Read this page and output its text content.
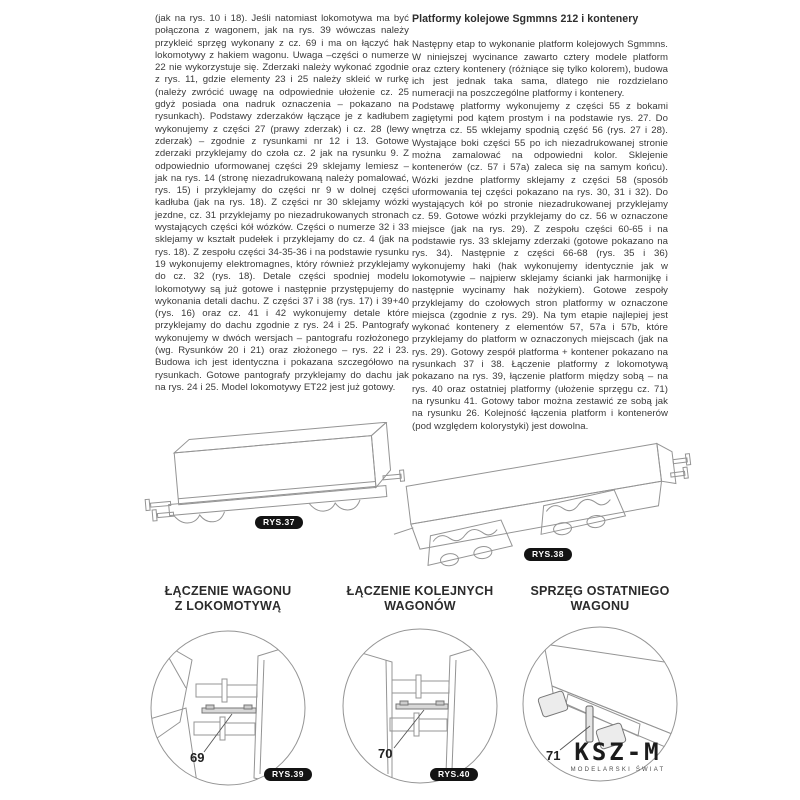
(jak na rys. 10 i 18). Jeśli natomiast lokomotywa ma być połączona z wagonem, jak na rys. 39 wówczas należy przykleić sprzęg wykonany z cz. 69 i ma on łączyć hak lokomotywy z hakiem wagonu. Uwaga –części o numerze 22 nie wykorzystuje się. Zderzaki należy wykonać zgodnie z rys. 11, gdzie elementy 23 i 25 należy skleić w rurkę (należy zwrócić uwagę na odpowiednie ułożenie cz. 25 gdyż posiada ona nadruk oznaczenia – pokazano na rysunkach). Podstawy zderzaków łączące je z kadłubem wykonujemy z części 27 (prawy zderzak) i cz. 28 (lewy zderzak) – zgodnie z rysunkami nr 12 i 13. Gotowe zderzaki przyklejamy do czoła cz. 2 jak na rysunku 9. Z odpowiednio uformowanej części 29 sklejamy lemiesz – jak na rys. 14 (stronę niezadrukowaną należy pomalować, rys. 15) i przyklejamy do części nr 9 w dolnej części kadłuba (jak na rys. 18). Z części nr 30 sklejamy wózki jezdne, cz. 31 przyklejamy po niezadrukowanych stronach wystających części kół wózków. Części o numerze 32 i 33 sklejamy w kształt pudełek i przyklejamy do cz. 4 (jak na rys. 18). Z zespołu części 34-35-36 i na podstawie rysunku 19 wykonujemy elektromagnes, który również przyklejamy do cz. 32 (rys. 18). Detale części spodniej modelu lokomotywy są już gotowe i następnie przystępujemy do wykonania detali dachu. Z części 37 i 38 (rys. 17) i 39+40 (rys. 16) oraz cz. 41 i 42 wykonujemy detale które przyklejamy do dachu zgodnie z rys. 24 i 25. Pantografy wykonujemy w dwóch wersjach – pantografu rozłożonego (wg. Rysunków 20 i 21) oraz złożonego – rys. 22 i 23. Budowa ich jest identyczna i pokazana szczegółowo na rysunkach. Gotowe pantografy przyklejamy do dachu jak na rys. 24 i 25. Model lokomotywy ET22 jest już gotowy.

Platformy kolejowe Sgmmns 212 i kontenery

Następny etap to wykonanie platform kolejowych Sgmmns. W niniejszej wycinance zawarto cztery modele platform oraz cztery kontenery (różniące się tylko kolorem), budowa ich jest jednak taka sama, dlatego nie rozdzielano numeracji na poszczególne platformy i kontenery.

Podstawę platformy wykonujemy z części 55 z bokami zagiętymi pod kątem prostym i na podstawie rys. 27. Do wnętrza cz. 55 wklejamy spodnią część 56 (rys. 27 i 28). Wystające boki części 55 po ich niezadrukowanej stronie można zamalować na odpowiedni kolor. Sklejenie kontenerów (cz. 57 i 57a) zaleca się na samym końcu). Wózki jezdne platformy sklejamy z części 58 (sposób uformowania tej części pokazano na rys. 30, 31 i 32). Do wystających kół po stronie niezadrukowanej przyklejamy cz. 59. Gotowe wózki przyklejamy do cz. 56 w oznaczone miejsce (jak na rys. 29). Z zespołu części 60-65 i na podstawie rys. 33 sklejamy zderzaki (gotowe pokazano na rys. 34). Następnie z części 66-68 (rys. 35 i 36) wykonujemy haki (hak wykonujemy identycznie jak w lokomotywie – najpierw sklejamy ścianki jak harmonijkę i następnie wycinamy hak nożykiem). Gotowe zespoły przyklejamy do czołowych stron platformy w oznaczone miejsca (zgodnie z rys. 29). Na tym etapie najlepiej jest wykonać kontenery z elementów 57, 57a i 57b, które przyklejamy do platform w oznaczonych miejscach (jak na rys. 29). Gotowy zespół platforma + kontener pokazano na rysunkach 37 i 38. Łączenie platformy z lokomotywą pokazano na rys. 39, łączenie platform między sobą – na rys. 40 oraz ostatniej platformy (ułożenie sprzęgu cz. 71) na rysunku 41. Gotowy tabor można zestawić ze sobą jak na rysunku 26. Kolejność łączenia platform i kontenerów (pod względem kolorystyki) jest dowolna.

RYS.37
RYS.38
ŁĄCZENIE WAGONU
Z LOKOMOTYWĄ
69
RYS.39
ŁĄCZENIE KOLEJNYCH
WAGONÓW
70
RYS.40
SPRZĘG OSTATNIEGO
WAGONU
71 KSZ-M
MODELARSKI ŚWIAT
